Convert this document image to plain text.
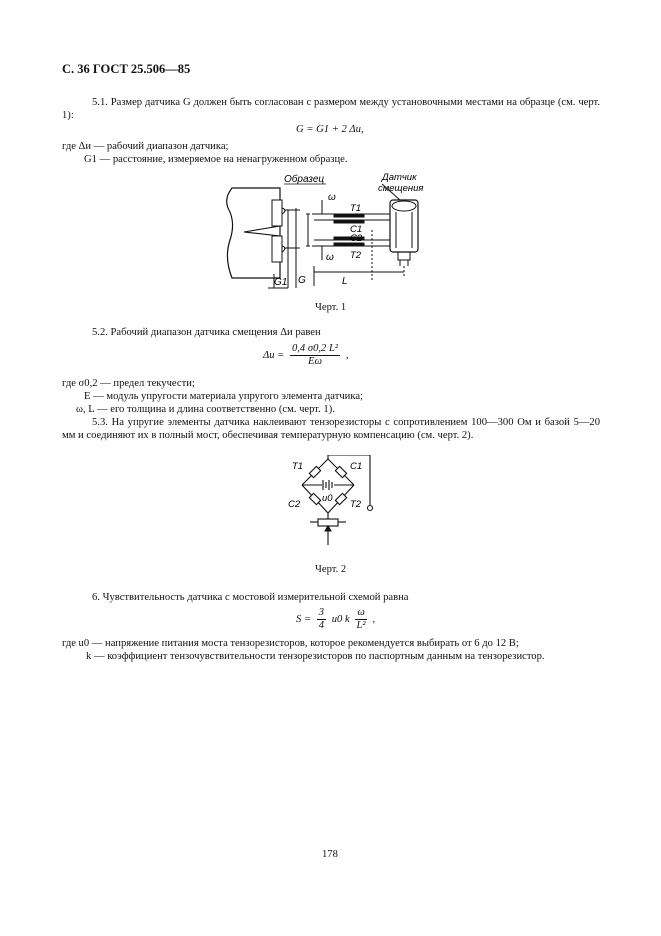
С. 36 ГОСТ 25.506—85
5.1. Размер датчика G должен быть согласован с размером между установочными местами на образце (см. черт. 1):
G = G1 + 2 Δи,
где Δи — рабочий диапазон датчика;
G1 — расстояние, измеряемое на ненагруженном образце.
Образец	Датчик
смещения
ω
T1
C1
C2
T2
ω
G
G1	L
Черт. 1
5.2. Рабочий диапазон датчика смещения Δи равен
$\Delta и = \frac{\text{0,4 σ0,2 L²}}{E\omega}$ ,
где σ0,2 — предел текучести;
E — модуль упругости материала упругого элемента датчика;
ω, L — его толщина и длина соответственно (см. черт. 1).
5.3. На упругие элементы датчика наклеивают тензорезисторы с сопротивлением 100—300 Ом и базой 5—20 мм и соединяют их в полный мост, обеспечивая температурную компенсацию (см. черт. 2).
T1	C1
C2	T2
u0
Черт. 2
6. Чувствительность датчика с мостовой измерительной схемой равна
$S = \frac{3}{4} u0$ k $\frac{\omega}{\text{L²}}$ ,
где u0 — напряжение питания моста тензорезисторов, которое рекомендуется выбирать от 6 до 12 В;
k — коэффициент тензочувствительности тензорезисторов по паспортным данным на тензорезистор.
178
